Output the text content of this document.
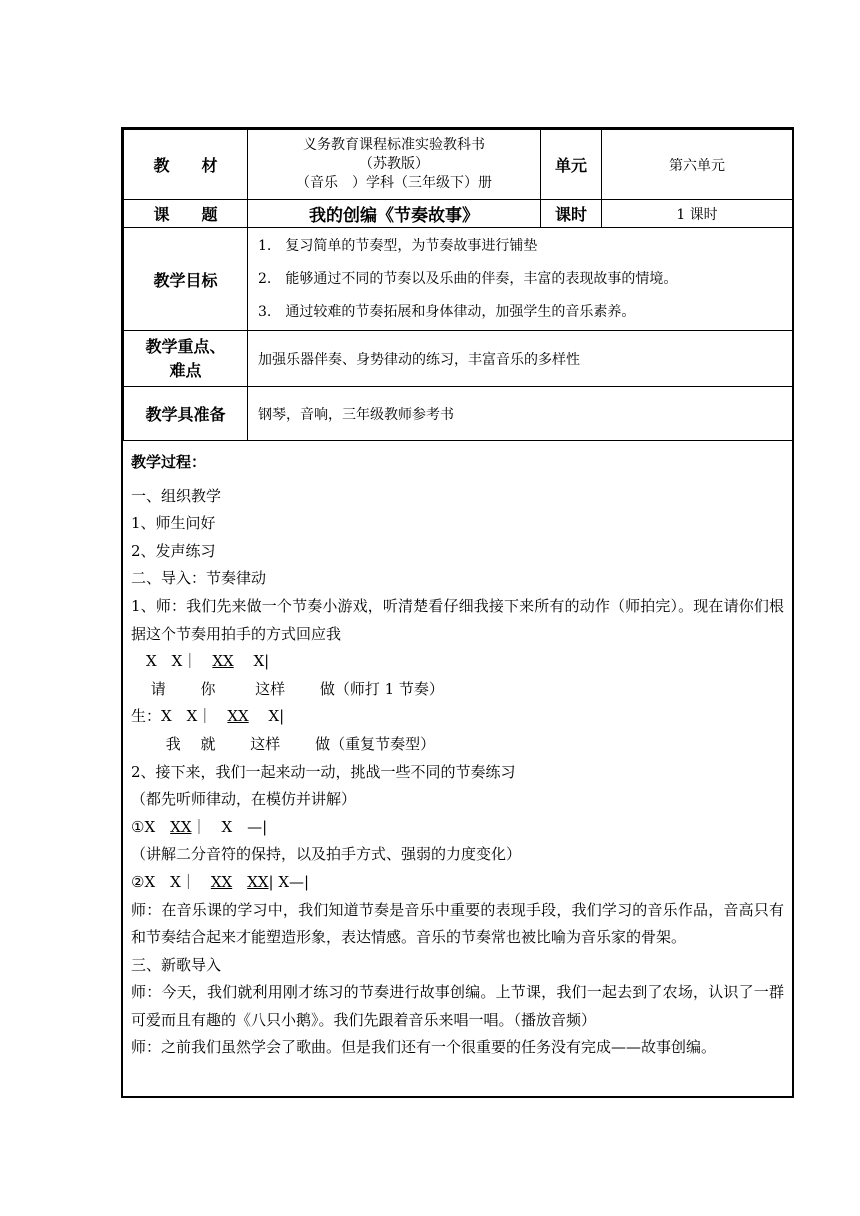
教　　材	义务教育课程标准实验教科书
（苏教版）
（音乐　）学科（三年级下）册	单元	第六单元
课　　题	我的创编《节奏故事》	课时	1 课时
教学目标	1.　复习简单的节奏型，为节奏故事进行铺垫
2.　能够通过不同的节奏以及乐曲的伴奏，丰富的表现故事的情境。
3.　通过较难的节奏拓展和身体律动，加强学生的音乐素养。		

教学重点、
难点	加强乐器伴奏、身势律动的练习，丰富音乐的多样性		
教学具准备	钢琴，音响，三年级教师参考书		

教学过程：

一、组织教学

1、师生问好

2、发声练习

二、导入：节奏律动

1、师：我们先来做一个节奏小游戏，听清楚看仔细我接下来所有的动作（师拍完）。现在请你们根据这个节奏用拍手的方式回应我

　X　X｜　XX　 X|

　 请　　 你　　  这样　　 做（师打 1 节奏）

生：X　X｜　XX　 X|

　　 我　 就　　 这样　　 做（重复节奏型）

2、接下来，我们一起来动一动，挑战一些不同的节奏练习

（都先听师律动，在模仿并讲解）

①X　XX｜　X　—|

（讲解二分音符的保持，以及拍手方式、强弱的力度变化）

②X　X｜　XX　 XX| X—|

师：在音乐课的学习中，我们知道节奏是音乐中重要的表现手段，我们学习的音乐作品，音高只有和节奏结合起来才能塑造形象，表达情感。音乐的节奏常也被比喻为音乐家的骨架。

三、新歌导入

师：今天，我们就利用刚才练习的节奏进行故事创编。上节课，我们一起去到了农场，认识了一群可爱而且有趣的《八只小鹅》。我们先跟着音乐来唱一唱。（播放音频）

师：之前我们虽然学会了歌曲。但是我们还有一个很重要的任务没有完成——故事创编。
